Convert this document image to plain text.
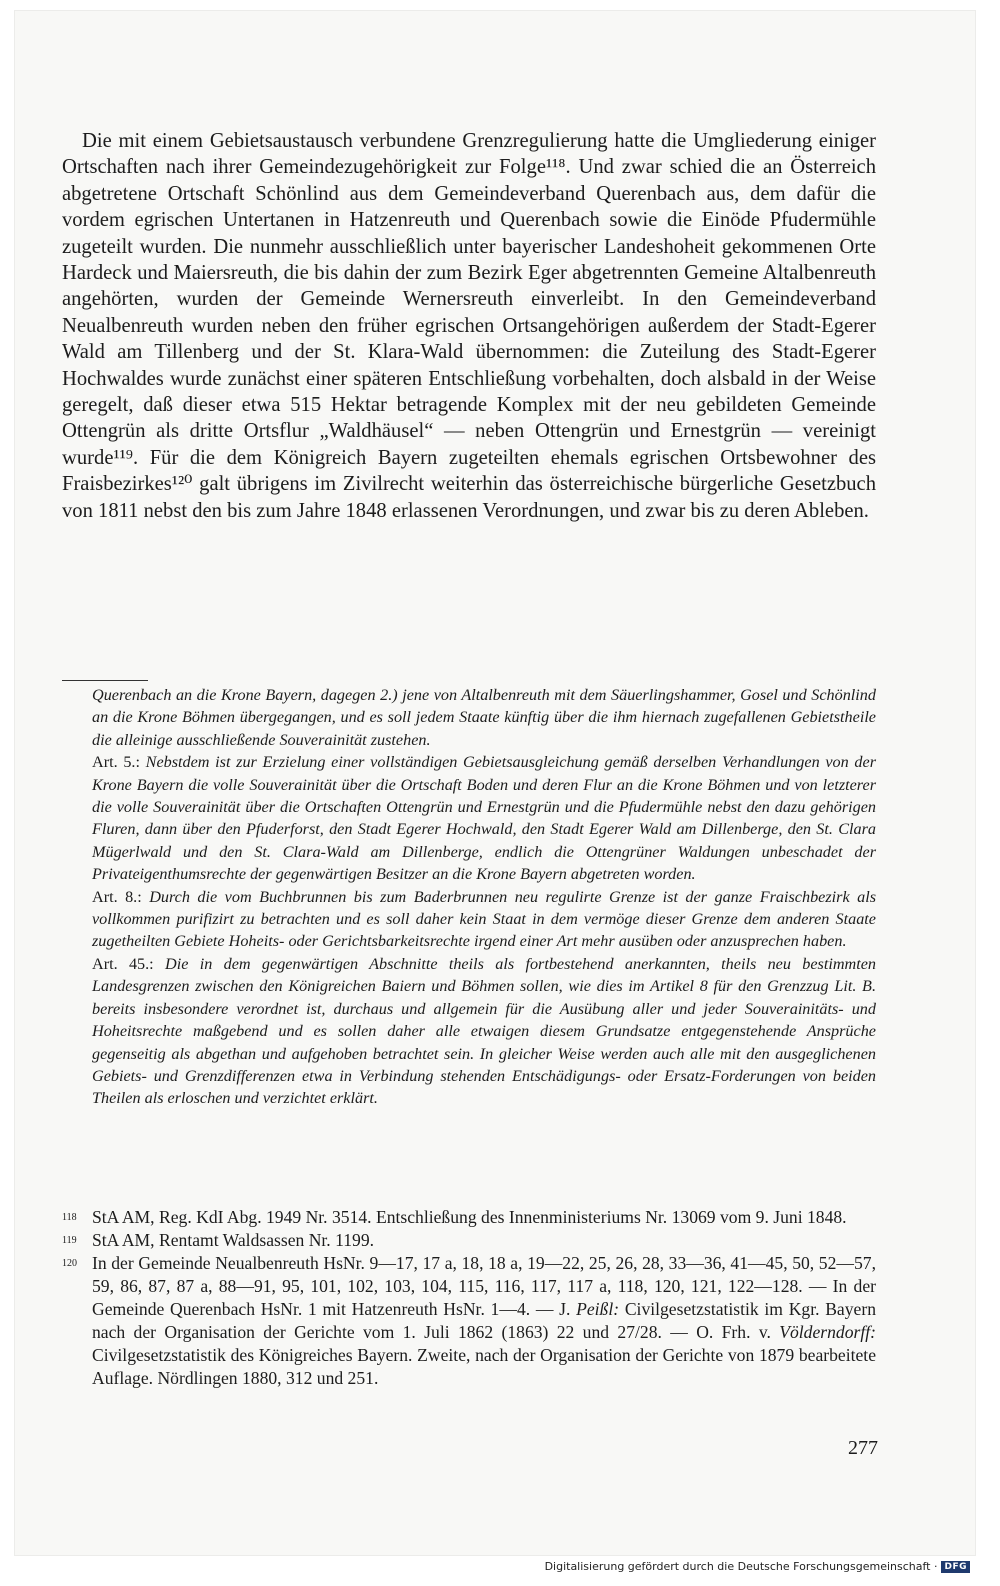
Die mit einem Gebietsaustausch verbundene Grenzregulierung hatte die Umgliederung einiger Ortschaften nach ihrer Gemeindezugehörigkeit zur Folge¹¹⁸. Und zwar schied die an Österreich abgetretene Ortschaft Schönlind aus dem Gemeindeverband Querenbach aus, dem dafür die vordem egrischen Untertanen in Hatzenreuth und Querenbach sowie die Einöde Pfudermühle zugeteilt wurden. Die nunmehr ausschließlich unter bayerischer Landeshoheit gekommenen Orte Hardeck und Maiersreuth, die bis dahin der zum Bezirk Eger abgetrennten Gemeine Altalbenreuth angehörten, wurden der Gemeinde Wernersreuth einverleibt. In den Gemeindeverband Neualbenreuth wurden neben den früher egrischen Ortsangehörigen außerdem der Stadt-Egerer Wald am Tillenberg und der St. Klara-Wald übernommen: die Zuteilung des Stadt-Egerer Hochwaldes wurde zunächst einer späteren Entschließung vorbehalten, doch alsbald in der Weise geregelt, daß dieser etwa 515 Hektar betragende Komplex mit der neu gebildeten Gemeinde Ottengrün als dritte Ortsflur „Waldhäusel“ — neben Ottengrün und Ernestgrün — vereinigt wurde¹¹⁹. Für die dem Königreich Bayern zugeteilten ehemals egrischen Ortsbewohner des Fraisbezirkes¹²⁰ galt übrigens im Zivilrecht weiterhin das österreichische bürgerliche Gesetzbuch von 1811 nebst den bis zum Jahre 1848 erlassenen Verordnungen, und zwar bis zu deren Ableben.

Querenbach an die Krone Bayern, dagegen 2.) jene von Altalbenreuth mit dem Säuerlingshammer, Gosel und Schönlind an die Krone Böhmen übergegangen, und es soll jedem Staate künftig über die ihm hiernach zugefallenen Gebietstheile die alleinige ausschließende Souverainität zustehen.

Art. 5.: Nebstdem ist zur Erzielung einer vollständigen Gebietsausgleichung gemäß derselben Verhandlungen von der Krone Bayern die volle Souverainität über die Ortschaft Boden und deren Flur an die Krone Böhmen und von letzterer die volle Souverainität über die Ortschaften Ottengrün und Ernestgrün und die Pfudermühle nebst den dazu gehörigen Fluren, dann über den Pfuderforst, den Stadt Egerer Hochwald, den Stadt Egerer Wald am Dillenberge, den St. Clara Mügerlwald und den St. Clara-Wald am Dillenberge, endlich die Ottengrüner Waldungen unbeschadet der Privateigenthumsrechte der gegenwärtigen Besitzer an die Krone Bayern abgetreten worden.

Art. 8.: Durch die vom Buchbrunnen bis zum Baderbrunnen neu regulirte Grenze ist der ganze Fraischbezirk als vollkommen purifizirt zu betrachten und es soll daher kein Staat in dem vermöge dieser Grenze dem anderen Staate zugetheilten Gebiete Hoheits- oder Gerichtsbarkeitsrechte irgend einer Art mehr ausüben oder anzusprechen haben.

Art. 45.: Die in dem gegenwärtigen Abschnitte theils als fortbestehend anerkannten, theils neu bestimmten Landesgrenzen zwischen den Königreichen Baiern und Böhmen sollen, wie dies im Artikel 8 für den Grenzzug Lit. B. bereits insbesondere verordnet ist, durchaus und allgemein für die Ausübung aller und jeder Souverainitäts- und Hoheitsrechte maßgebend und es sollen daher alle etwaigen diesem Grundsatze entgegenstehende Ansprüche gegenseitig als abgethan und aufgehoben betrachtet sein. In gleicher Weise werden auch alle mit den ausgeglichenen Gebiets- und Grenzdifferenzen etwa in Verbindung stehenden Entschädigungs- oder Ersatz-Forderungen von beiden Theilen als erloschen und verzichtet erklärt.

118 StA AM, Reg. KdI Abg. 1949 Nr. 3514. Entschließung des Innenministeriums Nr. 13069 vom 9. Juni 1848.
119 StA AM, Rentamt Waldsassen Nr. 1199.
120 In der Gemeinde Neualbenreuth HsNr. 9—17, 17 a, 18, 18 a, 19—22, 25, 26, 28, 33—36, 41—45, 50, 52—57, 59, 86, 87, 87 a, 88—91, 95, 101, 102, 103, 104, 115, 116, 117, 117 a, 118, 120, 121, 122—128. — In der Gemeinde Querenbach HsNr. 1 mit Hatzenreuth HsNr. 1—4. — J. Peißl: Civilgesetzstatistik im Kgr. Bayern nach der Organisation der Gerichte vom 1. Juli 1862 (1863) 22 und 27/28. — O. Frh. v. Völderndorff: Civilgesetzstatistik des Königreiches Bayern. Zweite, nach der Organisation der Gerichte von 1879 bearbeitete Auflage. Nördlingen 1880, 312 und 251.
277
Digitalisierung gefördert durch die Deutsche Forschungsgemeinschaft · DFG
